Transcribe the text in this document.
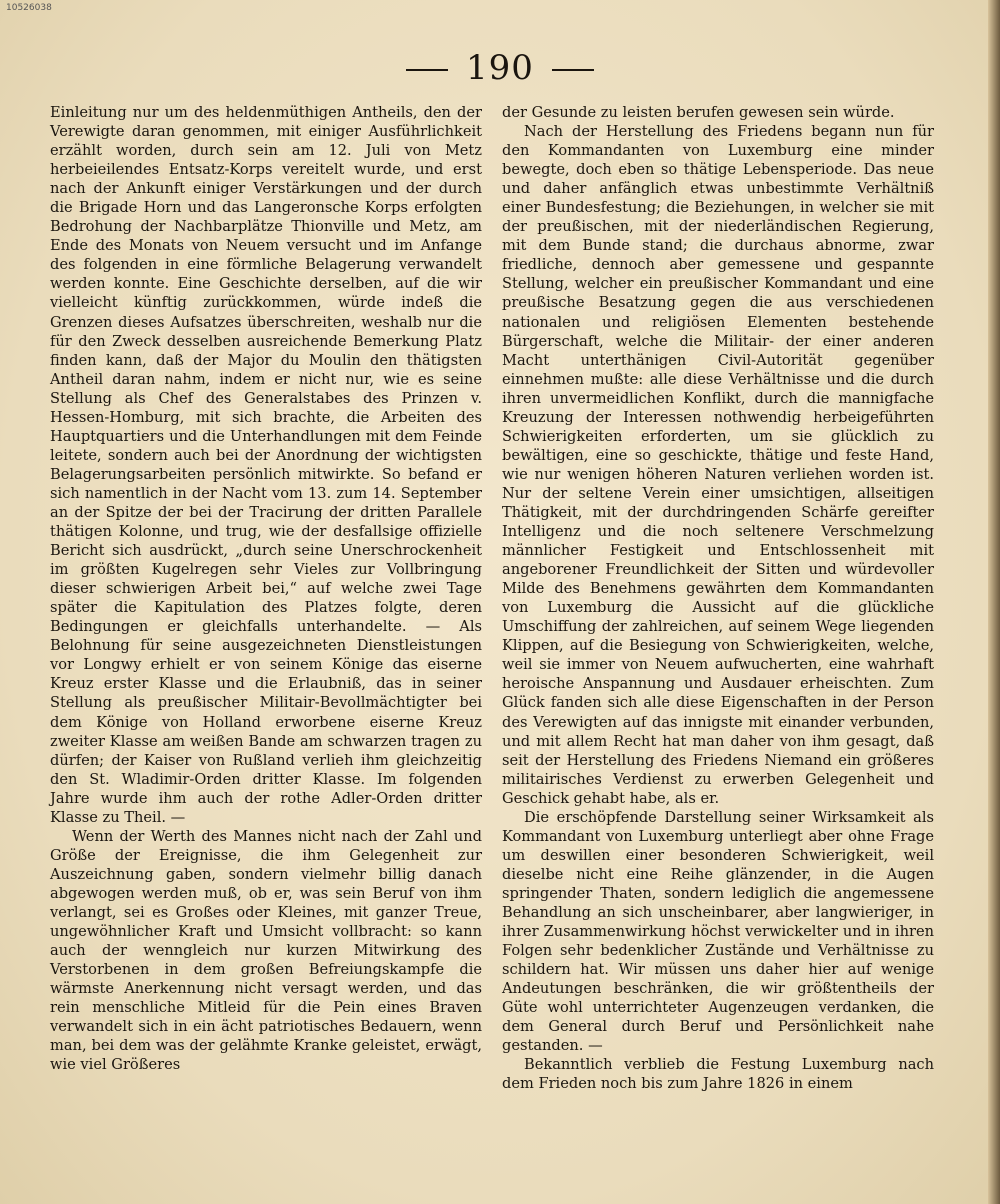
10526038
190

Einleitung nur um des heldenmüthigen Antheils, den der Verewigte daran genommen, mit einiger Ausführlichkeit erzählt worden, durch sein am 12. Juli von Metz herbeieilendes Entsatz-Korps vereitelt wurde, und erst nach der Ankunft einiger Verstärkungen und der durch die Brigade Horn und das Langeronsche Korps erfolgten Bedrohung der Nachbarplätze Thionville und Metz, am Ende des Monats von Neuem versucht und im Anfange des folgenden in eine förmliche Belagerung verwandelt werden konnte. Eine Geschichte derselben, auf die wir vielleicht künftig zurückkommen, würde indeß die Grenzen dieses Aufsatzes überschreiten, weshalb nur die für den Zweck desselben ausreichende Bemerkung Platz finden kann, daß der Major du Moulin den thätigsten Antheil daran nahm, indem er nicht nur, wie es seine Stellung als Chef des Generalstabes des Prinzen v. Hessen-Homburg, mit sich brachte, die Arbeiten des Hauptquartiers und die Unterhandlungen mit dem Feinde leitete, sondern auch bei der Anordnung der wichtigsten Belagerungsarbeiten persönlich mitwirkte. So befand er sich namentlich in der Nacht vom 13. zum 14. September an der Spitze der bei der Tracirung der dritten Parallele thätigen Kolonne, und trug, wie der desfallsige offizielle Bericht sich ausdrückt, „durch seine Unerschrockenheit im größten Kugelregen sehr Vieles zur Vollbringung dieser schwierigen Arbeit bei,“ auf welche zwei Tage später die Kapitulation des Platzes folgte, deren Bedingungen er gleichfalls unterhandelte. — Als Belohnung für seine ausgezeichneten Dienstleistungen vor Longwy erhielt er von seinem Könige das eiserne Kreuz erster Klasse und die Erlaubniß, das in seiner Stellung als preußischer Militair-Bevollmächtigter bei dem Könige von Holland erworbene eiserne Kreuz zweiter Klasse am weißen Bande am schwarzen tragen zu dürfen; der Kaiser von Rußland verlieh ihm gleichzeitig den St. Wladimir-Orden dritter Klasse. Im folgenden Jahre wurde ihm auch der rothe Adler-Orden dritter Klasse zu Theil. —

Wenn der Werth des Mannes nicht nach der Zahl und Größe der Ereignisse, die ihm Gelegenheit zur Auszeichnung gaben, sondern vielmehr billig danach abgewogen werden muß, ob er, was sein Beruf von ihm verlangt, sei es Großes oder Kleines, mit ganzer Treue, ungewöhnlicher Kraft und Umsicht vollbracht: so kann auch der wenngleich nur kurzen Mitwirkung des Verstorbenen in dem großen Befreiungskampfe die wärmste Anerkennung nicht versagt werden, und das rein menschliche Mitleid für die Pein eines Braven verwandelt sich in ein ächt patriotisches Bedauern, wenn man, bei dem was der gelähmte Kranke geleistet, erwägt, wie viel Größeres

der Gesunde zu leisten berufen gewesen sein würde.

Nach der Herstellung des Friedens begann nun für den Kommandanten von Luxemburg eine minder bewegte, doch eben so thätige Lebensperiode. Das neue und daher anfänglich etwas unbestimmte Verhältniß einer Bundesfestung; die Beziehungen, in welcher sie mit der preußischen, mit der niederländischen Regierung, mit dem Bunde stand; die durchaus abnorme, zwar friedliche, dennoch aber gemessene und gespannte Stellung, welcher ein preußischer Kommandant und eine preußische Besatzung gegen die aus verschiedenen nationalen und religiösen Elementen bestehende Bürgerschaft, welche die Militair- der einer anderen Macht unterthänigen Civil-Autorität gegenüber einnehmen mußte: alle diese Verhältnisse und die durch ihren unvermeidlichen Konflikt, durch die mannigfache Kreuzung der Interessen nothwendig herbeigeführten Schwierigkeiten erforderten, um sie glücklich zu bewältigen, eine so geschickte, thätige und feste Hand, wie nur wenigen höheren Naturen verliehen worden ist. Nur der seltene Verein einer umsichtigen, allseitigen Thätigkeit, mit der durchdringenden Schärfe gereifter Intelligenz und die noch seltenere Verschmelzung männlicher Festigkeit und Entschlossenheit mit angeborener Freundlichkeit der Sitten und würdevoller Milde des Benehmens gewährten dem Kommandanten von Luxemburg die Aussicht auf die glückliche Umschiffung der zahlreichen, auf seinem Wege liegenden Klippen, auf die Besiegung von Schwierigkeiten, welche, weil sie immer von Neuem aufwucherten, eine wahrhaft heroische Anspannung und Ausdauer erheischten. Zum Glück fanden sich alle diese Eigenschaften in der Person des Verewigten auf das innigste mit einander verbunden, und mit allem Recht hat man daher von ihm gesagt, daß seit der Herstellung des Friedens Niemand ein größeres militairisches Verdienst zu erwerben Gelegenheit und Geschick gehabt habe, als er.

Die erschöpfende Darstellung seiner Wirksamkeit als Kommandant von Luxemburg unterliegt aber ohne Frage um deswillen einer besonderen Schwierigkeit, weil dieselbe nicht eine Reihe glänzender, in die Augen springender Thaten, sondern lediglich die angemessene Behandlung an sich unscheinbarer, aber langwieriger, in ihrer Zusammenwirkung höchst verwickelter und in ihren Folgen sehr bedenklicher Zustände und Verhältnisse zu schildern hat. Wir müssen uns daher hier auf wenige Andeutungen beschränken, die wir größtentheils der Güte wohl unterrichteter Augenzeugen verdanken, die dem General durch Beruf und Persönlichkeit nahe gestanden. —

Bekanntlich verblieb die Festung Luxemburg nach dem Frieden noch bis zum Jahre 1826 in einem
